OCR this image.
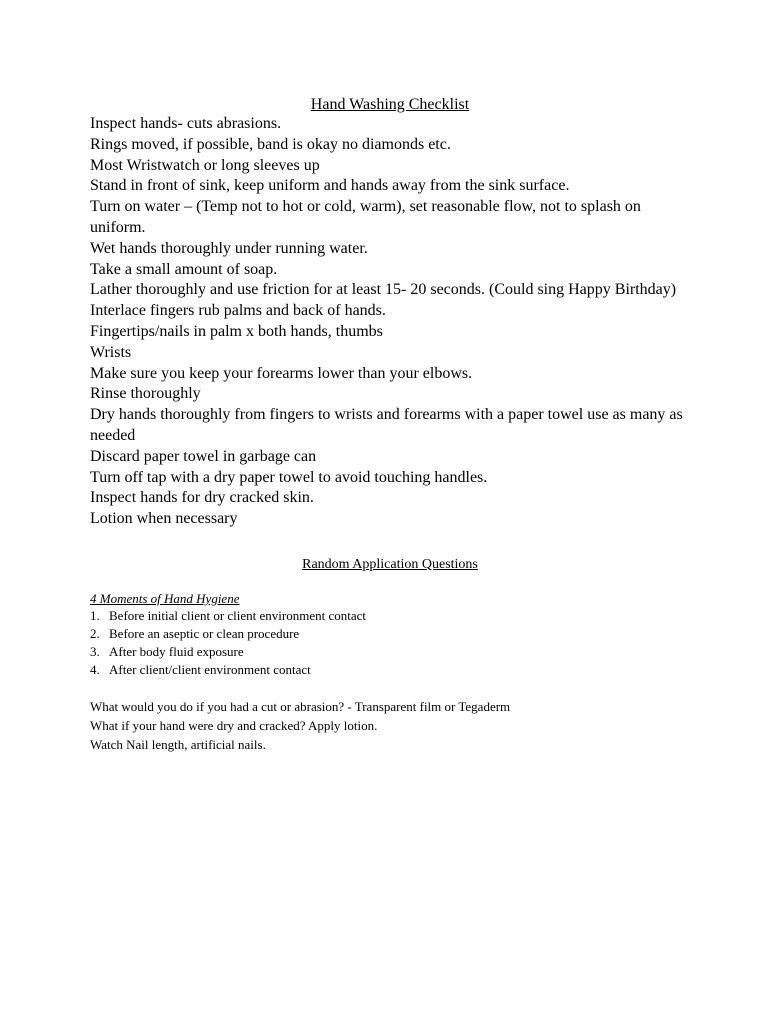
Hand Washing Checklist
Inspect hands- cuts abrasions.
Rings moved, if possible, band is okay no diamonds etc.
Most Wristwatch or long sleeves up
Stand in front of sink, keep uniform and hands away from the sink surface.
Turn on water – (Temp not to hot or cold, warm), set reasonable flow, not to splash on uniform.
Wet hands thoroughly under running water.
Take a small amount of soap.
Lather thoroughly and use friction for at least 15- 20 seconds. (Could sing Happy Birthday)
Interlace fingers rub palms and back of hands.
Fingertips/nails in palm x both hands, thumbs
Wrists
Make sure you keep your forearms lower than your elbows.
Rinse thoroughly
Dry hands thoroughly from fingers to wrists and forearms with a paper towel use as many as needed
Discard paper towel in garbage can
Turn off tap with a dry paper towel to avoid touching handles.
Inspect hands for dry cracked skin.
Lotion when necessary
Random Application Questions
4 Moments of Hand Hygiene
1. Before initial client or client environment contact
2. Before an aseptic or clean procedure
3. After body fluid exposure
4. After client/client environment contact
What would you do if you had a cut or abrasion? - Transparent film or Tegaderm
What if your hand were dry and cracked? Apply lotion.
Watch Nail length, artificial nails.
